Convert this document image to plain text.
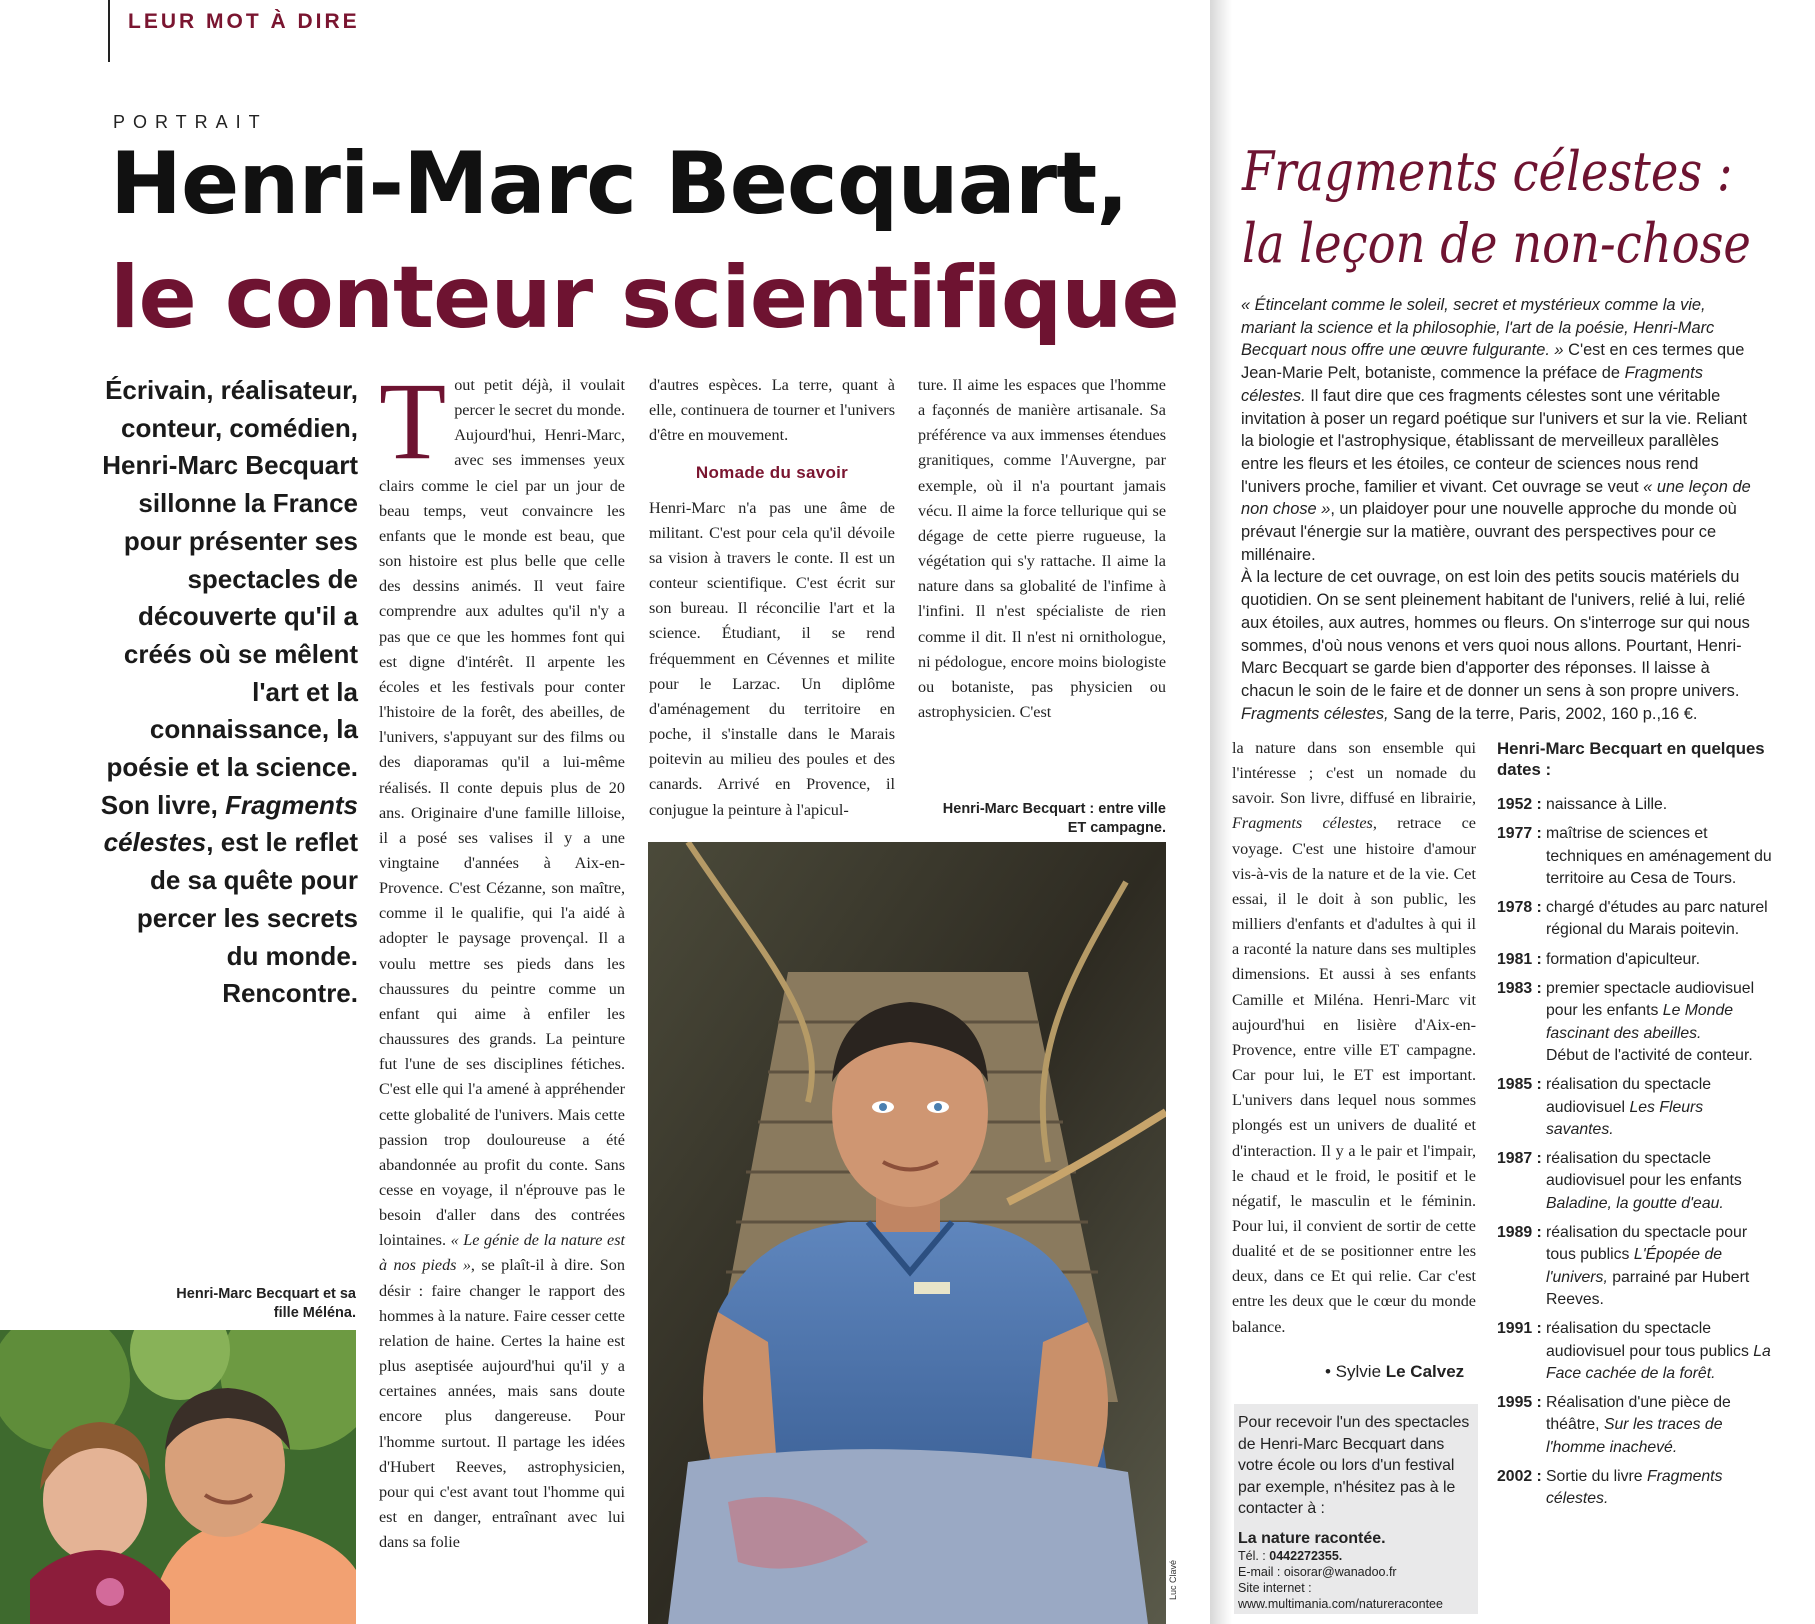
LEUR MOT À DIRE
PORTRAIT
Henri-Marc Becquart,
le conteur scientifique
Écrivain, réalisateur, conteur, comédien, Henri-Marc Becquart sillonne la France pour présenter ses spectacles de découverte qu'il a créés où se mêlent l'art et la connaissance, la poésie et la science. Son livre, Fragments célestes, est le reflet de sa quête pour percer les secrets du monde. Rencontre.
Tout petit déjà, il voulait percer le secret du monde. Aujourd'hui, Henri-Marc, avec ses immenses yeux clairs comme le ciel par un jour de beau temps, veut convaincre les enfants que le monde est beau, que son histoire est plus belle que celle des dessins animés. Il veut faire comprendre aux adultes qu'il n'y a pas que ce que les hommes font qui est digne d'intérêt. Il arpente les écoles et les festivals pour conter l'histoire de la forêt, des abeilles, de l'univers, s'appuyant sur des films ou des diaporamas qu'il a lui-même réalisés. Il conte depuis plus de 20 ans. Originaire d'une famille lilloise, il a posé ses valises il y a une vingtaine d'années à Aix-en-Provence. C'est Cézanne, son maître, comme il le qualifie, qui l'a aidé à adopter le paysage provençal. Il a voulu mettre ses pieds dans les chaussures du peintre comme un enfant qui aime à enfiler les chaussures des grands. La peinture fut l'une de ses disciplines fétiches. C'est elle qui l'a amené à appréhender cette globalité de l'univers. Mais cette passion trop douloureuse a été abandonnée au profit du conte. Sans cesse en voyage, il n'éprouve pas le besoin d'aller dans des contrées lointaines. « Le génie de la nature est à nos pieds », se plaît-il à dire. Son désir : faire changer le rapport des hommes à la nature. Faire cesser cette relation de haine. Certes la haine est plus aseptisée aujourd'hui qu'il y a certaines années, mais sans doute encore plus dangereuse. Pour l'homme surtout. Il partage les idées d'Hubert Reeves, astrophysicien, pour qui c'est avant tout l'homme qui est en danger, entraînant avec lui dans sa folie

d'autres espèces. La terre, quant à elle, continuera de tourner et l'univers d'être en mouvement.

Nomade du savoir

Henri-Marc n'a pas une âme de militant. C'est pour cela qu'il dévoile sa vision à travers le conte. Il est un conteur scientifique. C'est écrit sur son bureau. Il réconcilie l'art et la science. Étudiant, il se rend fréquemment en Cévennes et milite pour le Larzac. Un diplôme d'aménagement du territoire en poche, il s'installe dans le Marais poitevin au milieu des poules et des canards. Arrivé en Provence, il conjugue la peinture à l'apicul-

ture. Il aime les espaces que l'homme a façonnés de manière artisanale. Sa préférence va aux immenses étendues granitiques, comme l'Auvergne, par exemple, où il n'a pourtant jamais vécu. Il aime la force tellurique qui se dégage de cette pierre rugueuse, la végétation qui s'y rattache. Il aime la nature dans sa globalité de l'infime à l'infini. Il n'est spécialiste de rien comme il dit. Il n'est ni ornithologue, ni pédologue, encore moins biologiste ou botaniste, pas physicien ou astrophysicien. C'est

Henri-Marc Becquart : entre ville ET campagne.
Luc Clavé
Henri-Marc Becquart et sa fille Méléna.
Fragments célestes :
la leçon de non-chose
« Étincelant comme le soleil, secret et mystérieux comme la vie, mariant la science et la philosophie, l'art de la poésie, Henri-Marc Becquart nous offre une œuvre fulgurante. » C'est en ces termes que Jean-Marie Pelt, botaniste, commence la préface de Fragments célestes. Il faut dire que ces fragments célestes sont une véritable invitation à poser un regard poétique sur l'univers et sur la vie. Reliant la biologie et l'astrophysique, établissant de merveilleux parallèles entre les fleurs et les étoiles, ce conteur de sciences nous rend l'univers proche, familier et vivant. Cet ouvrage se veut « une leçon de non chose », un plaidoyer pour une nouvelle approche du monde où prévaut l'énergie sur la matière, ouvrant des perspectives pour ce millénaire.
À la lecture de cet ouvrage, on est loin des petits soucis matériels du quotidien. On se sent pleinement habitant de l'univers, relié à lui, relié aux étoiles, aux autres, hommes ou fleurs. On s'interroge sur qui nous sommes, d'où nous venons et vers quoi nous allons. Pourtant, Henri-Marc Becquart se garde bien d'apporter des réponses. Il laisse à chacun le soin de le faire et de donner un sens à son propre univers.
Fragments célestes, Sang de la terre, Paris, 2002, 160 p.,16 €.
la nature dans son ensemble qui l'intéresse ; c'est un nomade du savoir. Son livre, diffusé en librairie, Fragments célestes, retrace ce voyage. C'est une histoire d'amour vis-à-vis de la nature et de la vie. Cet essai, il le doit à son public, les milliers d'enfants et d'adultes à qui il a raconté la nature dans ses multiples dimensions. Et aussi à ses enfants Camille et Miléna. Henri-Marc vit aujourd'hui en lisière d'Aix-en-Provence, entre ville ET campagne. Car pour lui, le ET est important. L'univers dans lequel nous sommes plongés est un univers de dualité et d'interaction. Il y a le pair et l'impair, le chaud et le froid, le positif et le négatif, le masculin et le féminin. Pour lui, il convient de sortir de cette dualité et de se positionner entre les deux, dans ce Et qui relie. Car c'est entre les deux que le cœur du monde balance.
• Sylvie Le Calvez
Pour recevoir l'un des spectacles de Henri-Marc Becquart dans votre école ou lors d'un festival par exemple, n'hésitez pas à le contacter à :
La nature racontée.
Tél. : 0442272355.
E-mail : oisorar@wanadoo.fr
Site internet :
www.multimania.com/natureracontee
Henri-Marc Becquart en quelques dates :
1952 : naissance à Lille.
1977 : maîtrise de sciences et techniques en aménagement du territoire au Cesa de Tours.
1978 : chargé d'études au parc naturel régional du Marais poitevin.
1981 : formation d'apiculteur.
1983 : premier spectacle audiovisuel pour les enfants Le Monde fascinant des abeilles.
Début de l'activité de conteur.
1985 : réalisation du spectacle audiovisuel Les Fleurs savantes.
1987 : réalisation du spectacle audiovisuel pour les enfants Baladine, la goutte d'eau.
1989 : réalisation du spectacle pour tous publics L'Épopée de l'univers, parrainé par Hubert Reeves.
1991 : réalisation du spectacle audiovisuel pour tous publics La Face cachée de la forêt.
1995 : Réalisation d'une pièce de théâtre, Sur les traces de l'homme inachevé.
2002 : Sortie du livre Fragments célestes.
